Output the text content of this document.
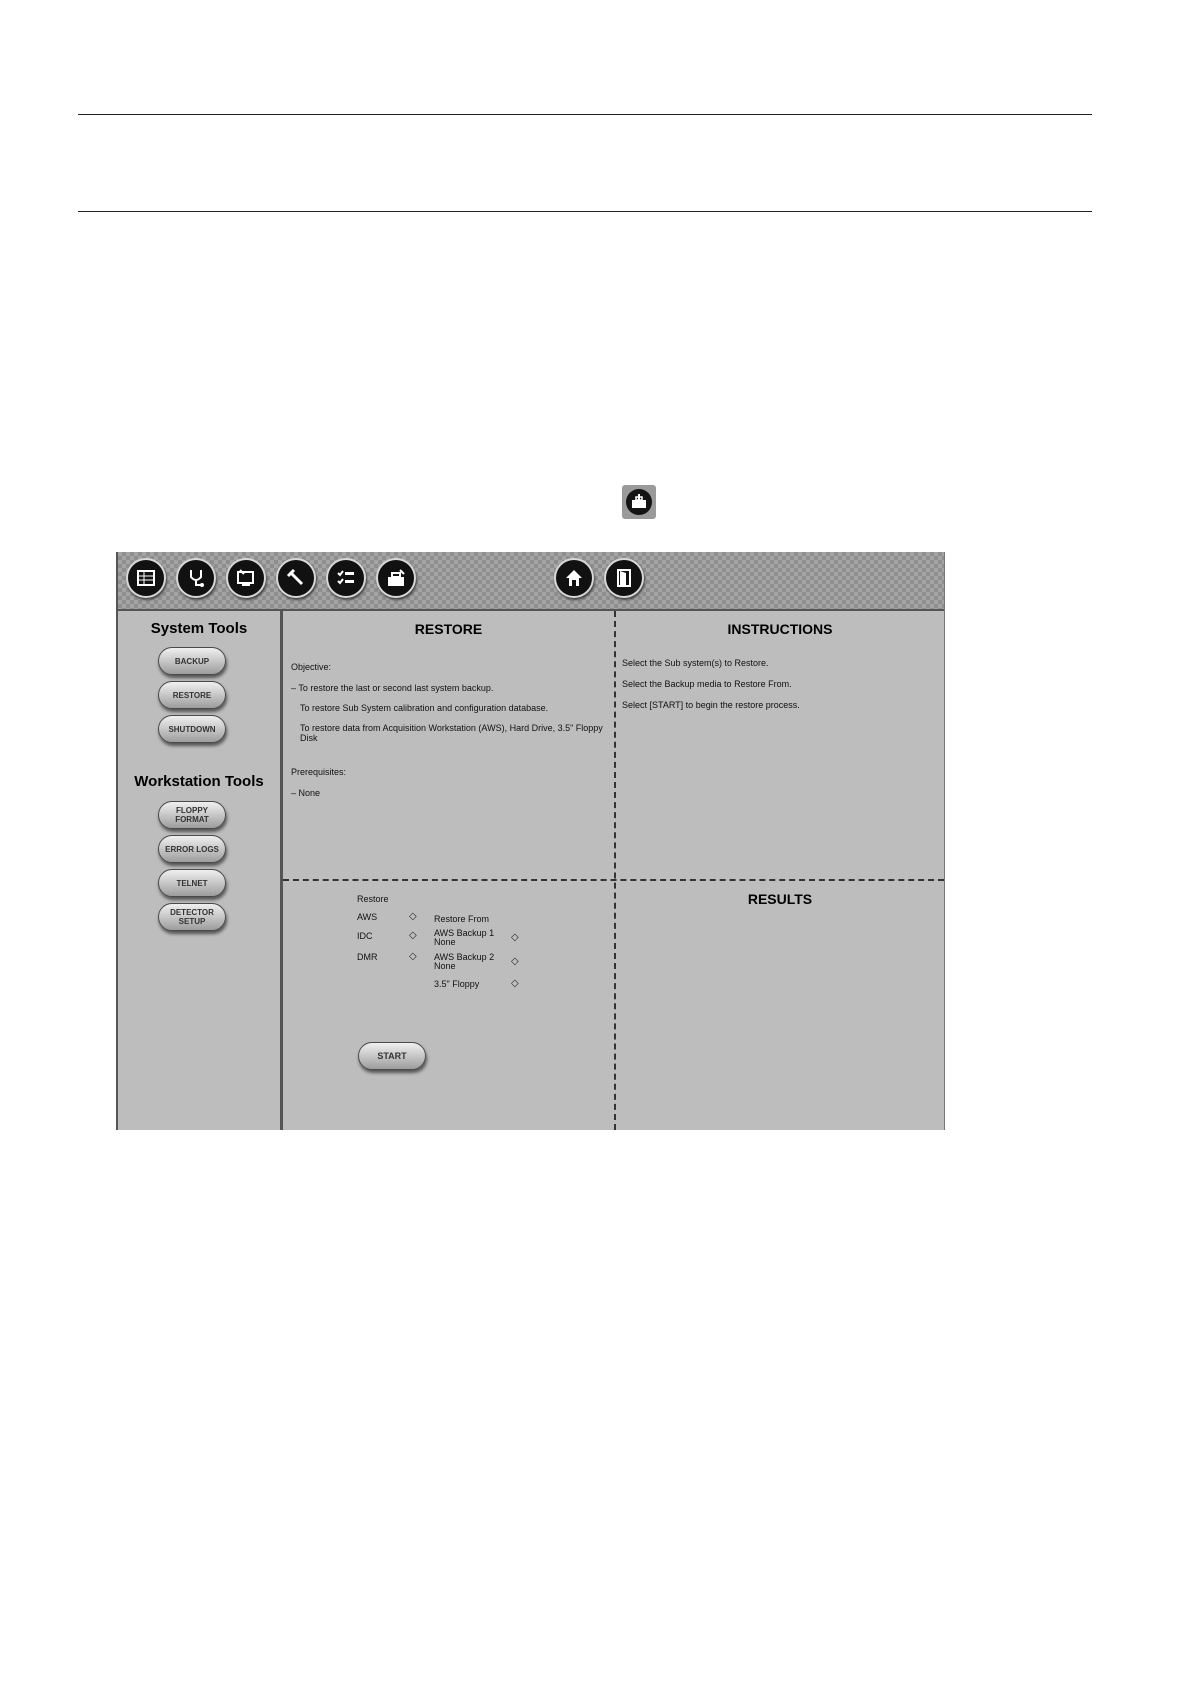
System Tools
BACKUP
RESTORE
SHUTDOWN
Workstation Tools
FLOPPY FORMAT
ERROR LOGS
TELNET
DETECTOR SETUP
RESTORE
Objective:
– To restore the last or second last system backup.
To restore Sub System calibration and configuration database.
To restore data from Acquisition Workstation (AWS), Hard Drive, 3.5" Floppy Disk
Prerequisites:
– None
INSTRUCTIONS
Select the Sub system(s) to Restore.
Select the Backup media to Restore From.
Select [START] to begin the restore process.
Restore
AWS	◇
IDC	◇
DMR	◇
Restore From
AWS Backup 1
None	◇
AWS Backup 2
None	◇
3.5" Floppy	◇
START
RESULTS
